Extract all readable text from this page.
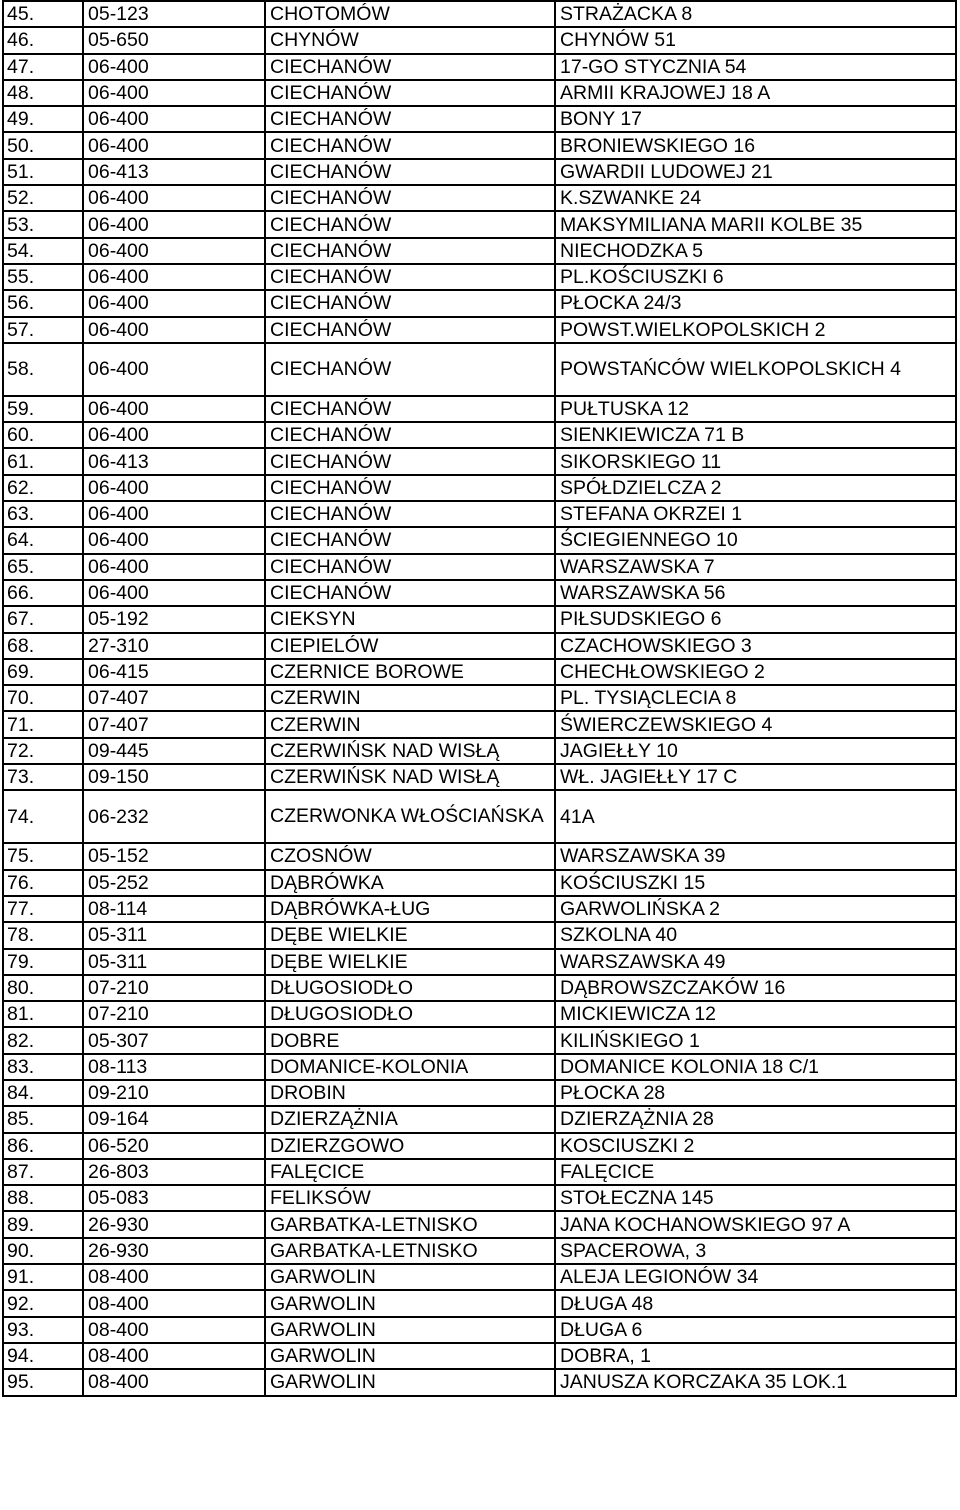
45.	05-123	CHOTOMÓW	STRAŻACKA 8
46.	05-650	CHYNÓW	CHYNÓW 51
47.	06-400	CIECHANÓW	17-GO STYCZNIA 54
48.	06-400	CIECHANÓW	ARMII KRAJOWEJ 18 A
49.	06-400	CIECHANÓW	BONY 17
50.	06-400	CIECHANÓW	BRONIEWSKIEGO 16
51.	06-413	CIECHANÓW	GWARDII LUDOWEJ 21
52.	06-400	CIECHANÓW	K.SZWANKE 24
53.	06-400	CIECHANÓW	MAKSYMILIANA MARII KOLBE 35
54.	06-400	CIECHANÓW	NIECHODZKA 5
55.	06-400	CIECHANÓW	PL.KOŚCIUSZKI 6
56.	06-400	CIECHANÓW	PŁOCKA 24/3
57.	06-400	CIECHANÓW	POWST.WIELKOPOLSKICH 2
58.	06-400	CIECHANÓW	POWSTAŃCÓW WIELKOPOLSKICH 4
59.	06-400	CIECHANÓW	PUŁTUSKA 12
60.	06-400	CIECHANÓW	SIENKIEWICZA 71 B
61.	06-413	CIECHANÓW	SIKORSKIEGO 11
62.	06-400	CIECHANÓW	SPÓŁDZIELCZA 2
63.	06-400	CIECHANÓW	STEFANA OKRZEI 1
64.	06-400	CIECHANÓW	ŚCIEGIENNEGO 10
65.	06-400	CIECHANÓW	WARSZAWSKA 7
66.	06-400	CIECHANÓW	WARSZAWSKA 56
67.	05-192	CIEKSYN	PIŁSUDSKIEGO 6
68.	27-310	CIEPIELÓW	CZACHOWSKIEGO 3
69.	06-415	CZERNICE BOROWE	CHECHŁOWSKIEGO 2
70.	07-407	CZERWIN	PL. TYSIĄCLECIA 8
71.	07-407	CZERWIN	ŚWIERCZEWSKIEGO 4
72.	09-445	CZERWIŃSK NAD WISŁĄ	JAGIEŁŁY 10
73.	09-150	CZERWIŃSK NAD WISŁĄ	WŁ. JAGIEŁŁY 17 C
74.	06-232	CZERWONKA WŁOŚCIAŃSKA	41A
75.	05-152	CZOSNÓW	WARSZAWSKA 39
76.	05-252	DĄBRÓWKA	KOŚCIUSZKI 15
77.	08-114	DĄBRÓWKA-ŁUG	GARWOLIŃSKA 2
78.	05-311	DĘBE WIELKIE	SZKOLNA 40
79.	05-311	DĘBE WIELKIE	WARSZAWSKA 49
80.	07-210	DŁUGOSIODŁO	DĄBROWSZCZAKÓW 16
81.	07-210	DŁUGOSIODŁO	MICKIEWICZA 12
82.	05-307	DOBRE	KILIŃSKIEGO 1
83.	08-113	DOMANICE-KOLONIA	DOMANICE KOLONIA 18 C/1
84.	09-210	DROBIN	PŁOCKA 28
85.	09-164	DZIERZĄŻNIA	DZIERZĄŻNIA 28
86.	06-520	DZIERZGOWO	KOSCIUSZKI 2
87.	26-803	FALĘCICE	FALĘCICE
88.	05-083	FELIKSÓW	STOŁECZNA 145
89.	26-930	GARBATKA-LETNISKO	JANA KOCHANOWSKIEGO 97 A
90.	26-930	GARBATKA-LETNISKO	SPACEROWA, 3
91.	08-400	GARWOLIN	ALEJA LEGIONÓW 34
92.	08-400	GARWOLIN	DŁUGA 48
93.	08-400	GARWOLIN	DŁUGA 6
94.	08-400	GARWOLIN	DOBRA, 1
95.	08-400	GARWOLIN	JANUSZA KORCZAKA 35 LOK.1
